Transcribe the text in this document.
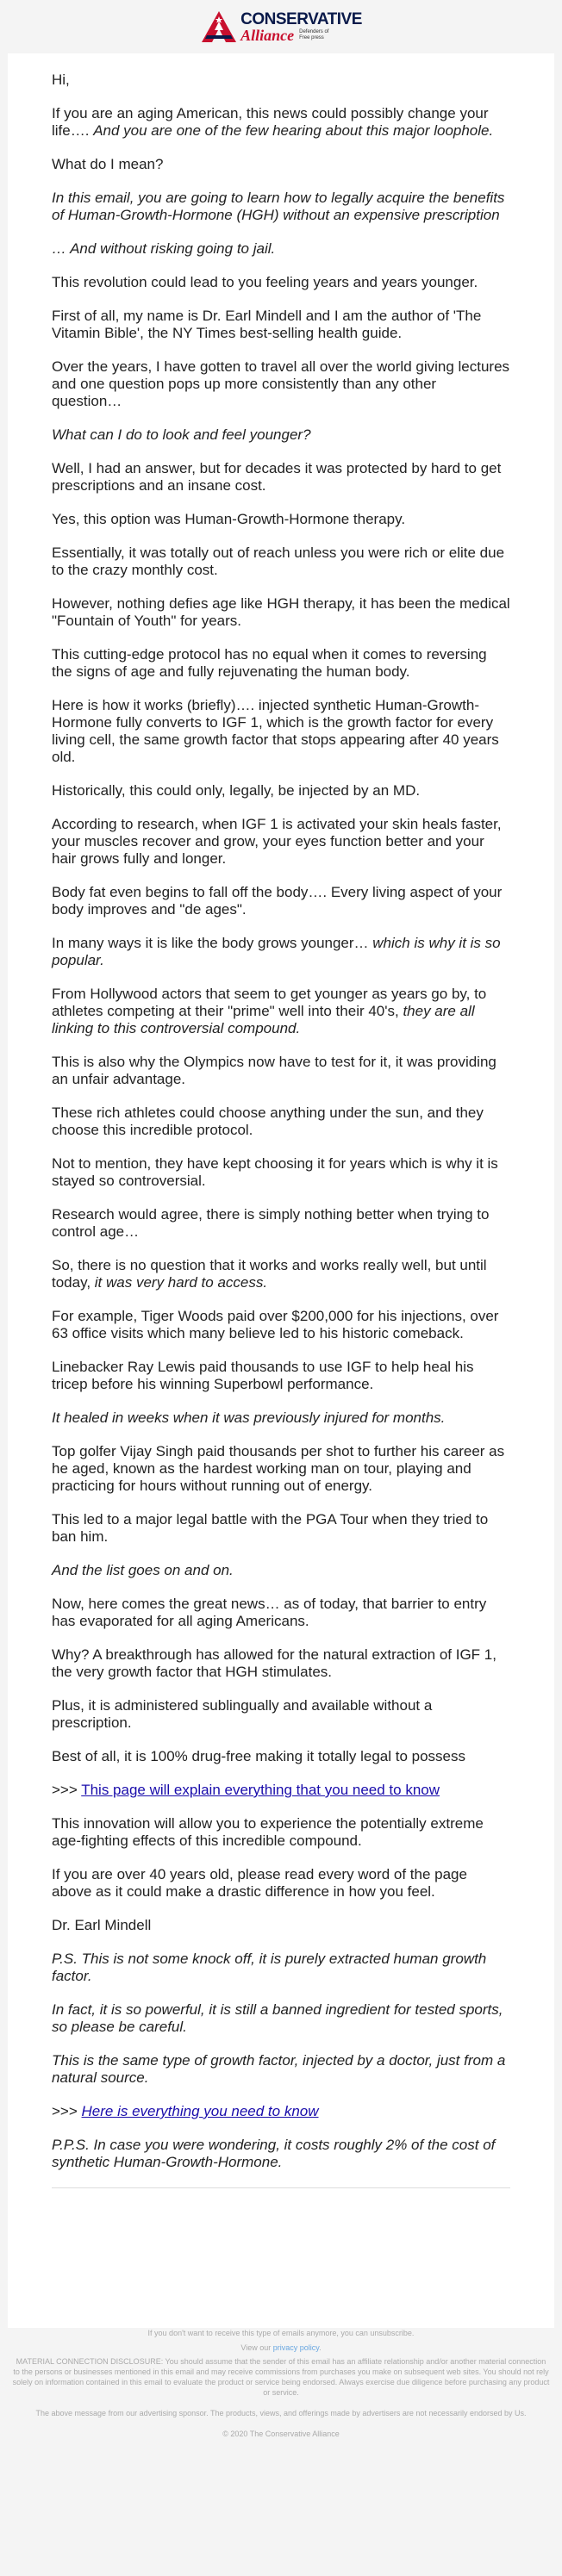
CONSERVATIVE
Alliance Defenders of
Free press

Hi,

If you are an aging American, this news could possibly change your life…. And you are one of the few hearing about this major loophole.

What do I mean?

In this email, you are going to learn how to legally acquire the benefits of Human-Growth-Hormone (HGH) without an expensive prescription

… And without risking going to jail.

This revolution could lead to you feeling years and years younger.

First of all, my name is Dr. Earl Mindell and I am the author of 'The Vitamin Bible', the NY Times best-selling health guide.

Over the years, I have gotten to travel all over the world giving lectures and one question pops up more consistently than any other question…

What can I do to look and feel younger?

Well, I had an answer, but for decades it was protected by hard to get prescriptions and an insane cost.

Yes, this option was Human-Growth-Hormone therapy.

Essentially, it was totally out of reach unless you were rich or elite due to the crazy monthly cost.

However, nothing defies age like HGH therapy, it has been the medical "Fountain of Youth" for years.

This cutting-edge protocol has no equal when it comes to reversing the signs of age and fully rejuvenating the human body.

Here is how it works (briefly)…. injected synthetic Human-Growth-Hormone fully converts to IGF 1, which is the growth factor for every living cell, the same growth factor that stops appearing after 40 years old.

Historically, this could only, legally, be injected by an MD.

According to research, when IGF 1 is activated your skin heals faster, your muscles recover and grow, your eyes function better and your hair grows fully and longer.

Body fat even begins to fall off the body…. Every living aspect of your body improves and "de ages".

In many ways it is like the body grows younger… which is why it is so popular.

From Hollywood actors that seem to get younger as years go by, to athletes competing at their "prime" well into their 40's, they are all linking to this controversial compound.

This is also why the Olympics now have to test for it, it was providing an unfair advantage.

These rich athletes could choose anything under the sun, and they choose this incredible protocol.

Not to mention, they have kept choosing it for years which is why it is stayed so controversial.

Research would agree, there is simply nothing better when trying to control age…

So, there is no question that it works and works really well, but until today, it was very hard to access.

For example, Tiger Woods paid over $200,000 for his injections, over 63 office visits which many believe led to his historic comeback.

Linebacker Ray Lewis paid thousands to use IGF to help heal his tricep before his winning Superbowl performance.

It healed in weeks when it was previously injured for months.

Top golfer Vijay Singh paid thousands per shot to further his career as he aged, known as the hardest working man on tour, playing and practicing for hours without running out of energy.

This led to a major legal battle with the PGA Tour when they tried to ban him.

And the list goes on and on.

Now, here comes the great news… as of today, that barrier to entry has evaporated for all aging Americans.

Why? A breakthrough has allowed for the natural extraction of IGF 1, the very growth factor that HGH stimulates.

Plus, it is administered sublingually and available without a prescription.

Best of all, it is 100% drug-free making it totally legal to possess

>>> This page will explain everything that you need to know

This innovation will allow you to experience the potentially extreme age-fighting effects of this incredible compound.

If you are over 40 years old, please read every word of the page above as it could make a drastic difference in how you feel.

Dr. Earl Mindell

P.S. This is not some knock off, it is purely extracted human growth factor.

In fact, it is so powerful, it is still a banned ingredient for tested sports, so please be careful.

This is the same type of growth factor, injected by a doctor, just from a natural source.

>>> Here is everything you need to know

P.P.S. In case you were wondering, it costs roughly 2% of the cost of synthetic Human-Growth-Hormone.

If you don't want to receive this type of emails anymore, you can unsubscribe.

View our privacy policy.

MATERIAL CONNECTION DISCLOSURE: You should assume that the sender of this email has an affiliate relationship and/or another material connection to the persons or businesses mentioned in this email and may receive commissions from purchases you make on subsequent web sites. You should not rely solely on information contained in this email to evaluate the product or service being endorsed. Always exercise due diligence before purchasing any product or service.

The above message from our advertising sponsor. The products, views, and offerings made by advertisers are not necessarily endorsed by Us.

© 2020 The Conservative Alliance
